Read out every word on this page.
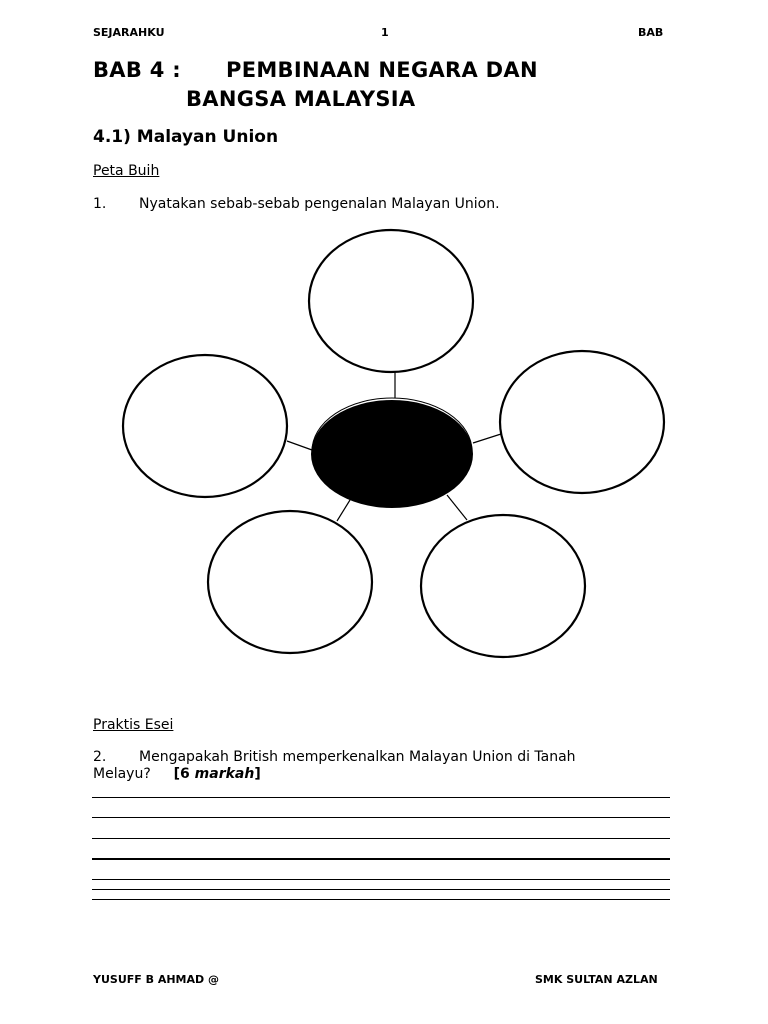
SEJARAHKU	1	BAB
BAB 4 : PEMBINAAN NEGARA DAN
BANGSA MALAYSIA
4.1) Malayan Union
Peta Buih
1. Nyatakan sebab-sebab pengenalan Malayan Union.
Praktis Esei
2. Mengapakah British memperkenalkan Malayan Union di Tanah
Melayu? [6 markah]
YUSUFF B AHMAD @	SMK SULTAN AZLAN
